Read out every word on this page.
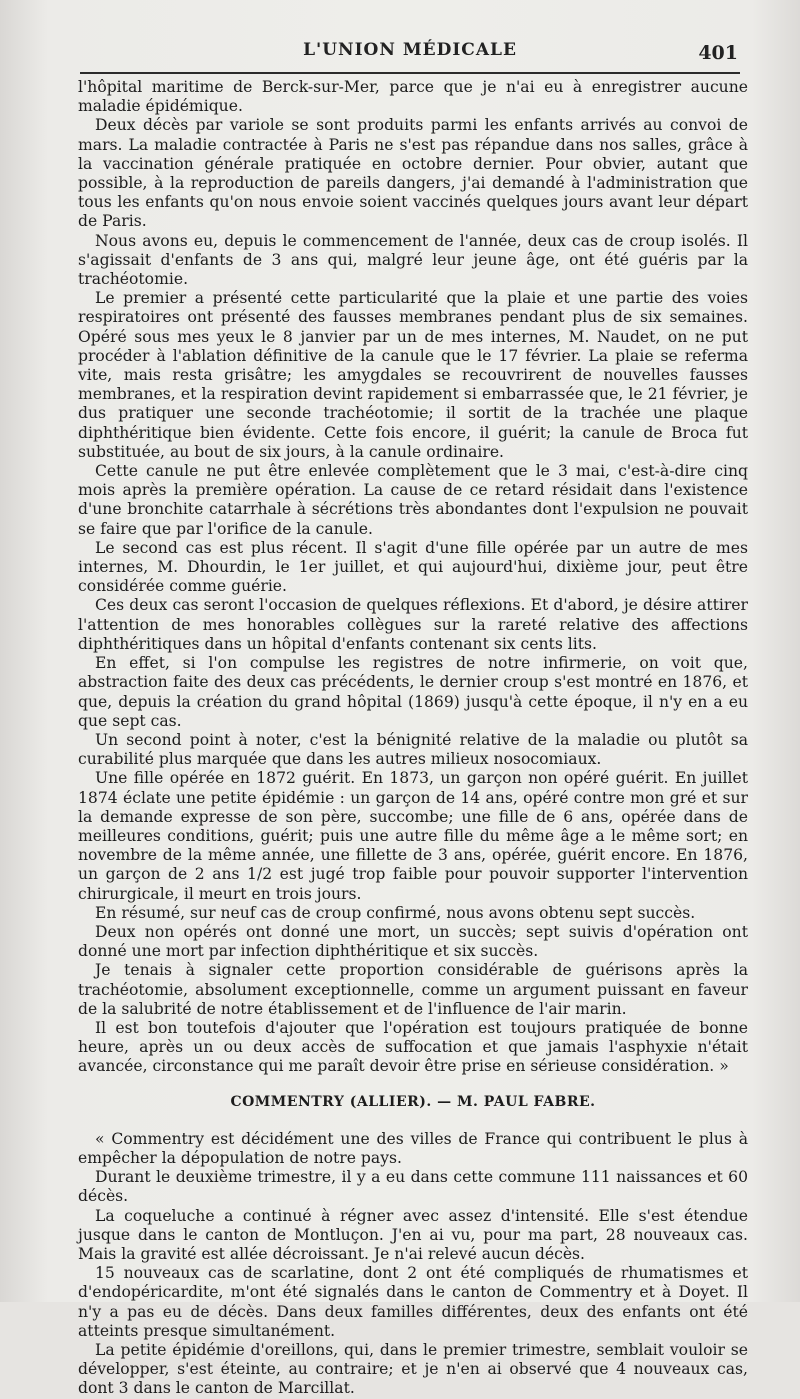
L'UNION MÉDICALE	401

l'hôpital maritime de Berck-sur-Mer, parce que je n'ai eu à enregistrer aucune maladie épidémique.

Deux décès par variole se sont produits parmi les enfants arrivés au convoi de mars. La maladie contractée à Paris ne s'est pas répandue dans nos salles, grâce à la vaccination générale pratiquée en octobre dernier. Pour obvier, autant que possible, à la reproduction de pareils dangers, j'ai demandé à l'administration que tous les enfants qu'on nous envoie soient vaccinés quelques jours avant leur départ de Paris.

Nous avons eu, depuis le commencement de l'année, deux cas de croup isolés. Il s'agissait d'enfants de 3 ans qui, malgré leur jeune âge, ont été guéris par la trachéotomie.

Le premier a présenté cette particularité que la plaie et une partie des voies respiratoires ont présenté des fausses membranes pendant plus de six semaines. Opéré sous mes yeux le 8 janvier par un de mes internes, M. Naudet, on ne put procéder à l'ablation définitive de la canule que le 17 février. La plaie se referma vite, mais resta grisâtre; les amygdales se recouvrirent de nouvelles fausses membranes, et la respiration devint rapidement si embarrassée que, le 21 février, je dus pratiquer une seconde trachéotomie; il sortit de la trachée une plaque diphthéritique bien évidente. Cette fois encore, il guérit; la canule de Broca fut substituée, au bout de six jours, à la canule ordinaire.

Cette canule ne put être enlevée complètement que le 3 mai, c'est-à-dire cinq mois après la première opération. La cause de ce retard résidait dans l'existence d'une bronchite catarrhale à sécrétions très abondantes dont l'expulsion ne pouvait se faire que par l'orifice de la canule.

Le second cas est plus récent. Il s'agit d'une fille opérée par un autre de mes internes, M. Dhourdin, le 1er juillet, et qui aujourd'hui, dixième jour, peut être considérée comme guérie.

Ces deux cas seront l'occasion de quelques réflexions. Et d'abord, je désire attirer l'attention de mes honorables collègues sur la rareté relative des affections diphthéritiques dans un hôpital d'enfants contenant six cents lits.

En effet, si l'on compulse les registres de notre infirmerie, on voit que, abstraction faite des deux cas précédents, le dernier croup s'est montré en 1876, et que, depuis la création du grand hôpital (1869) jusqu'à cette époque, il n'y en a eu que sept cas.

Un second point à noter, c'est la bénignité relative de la maladie ou plutôt sa curabilité plus marquée que dans les autres milieux nosocomiaux.

Une fille opérée en 1872 guérit. En 1873, un garçon non opéré guérit. En juillet 1874 éclate une petite épidémie : un garçon de 14 ans, opéré contre mon gré et sur la demande expresse de son père, succombe; une fille de 6 ans, opérée dans de meilleures conditions, guérit; puis une autre fille du même âge a le même sort; en novembre de la même année, une fillette de 3 ans, opérée, guérit encore. En 1876, un garçon de 2 ans 1/2 est jugé trop faible pour pouvoir supporter l'intervention chirurgicale, il meurt en trois jours.

En résumé, sur neuf cas de croup confirmé, nous avons obtenu sept succès.

Deux non opérés ont donné une mort, un succès; sept suivis d'opération ont donné une mort par infection diphthéritique et six succès.

Je tenais à signaler cette proportion considérable de guérisons après la trachéotomie, absolument exceptionnelle, comme un argument puissant en faveur de la salubrité de notre établissement et de l'influence de l'air marin.

Il est bon toutefois d'ajouter que l'opération est toujours pratiquée de bonne heure, après un ou deux accès de suffocation et que jamais l'asphyxie n'était avancée, circonstance qui me paraît devoir être prise en sérieuse considération. »

COMMENTRY (ALLIER). — M. PAUL FABRE.

« Commentry est décidément une des villes de France qui contribuent le plus à empêcher la dépopulation de notre pays.

Durant le deuxième trimestre, il y a eu dans cette commune 111 naissances et 60 décès.

La coqueluche a continué à régner avec assez d'intensité. Elle s'est étendue jusque dans le canton de Montluçon. J'en ai vu, pour ma part, 28 nouveaux cas. Mais la gravité est allée décroissant. Je n'ai relevé aucun décès.

15 nouveaux cas de scarlatine, dont 2 ont été compliqués de rhumatismes et d'endopéricardite, m'ont été signalés dans le canton de Commentry et à Doyet. Il n'y a pas eu de décès. Dans deux familles différentes, deux des enfants ont été atteints presque simultanément.

La petite épidémie d'oreillons, qui, dans le premier trimestre, semblait vouloir se développer, s'est éteinte, au contraire; et je n'en ai observé que 4 nouveaux cas, dont 3 dans le canton de Marcillat.
